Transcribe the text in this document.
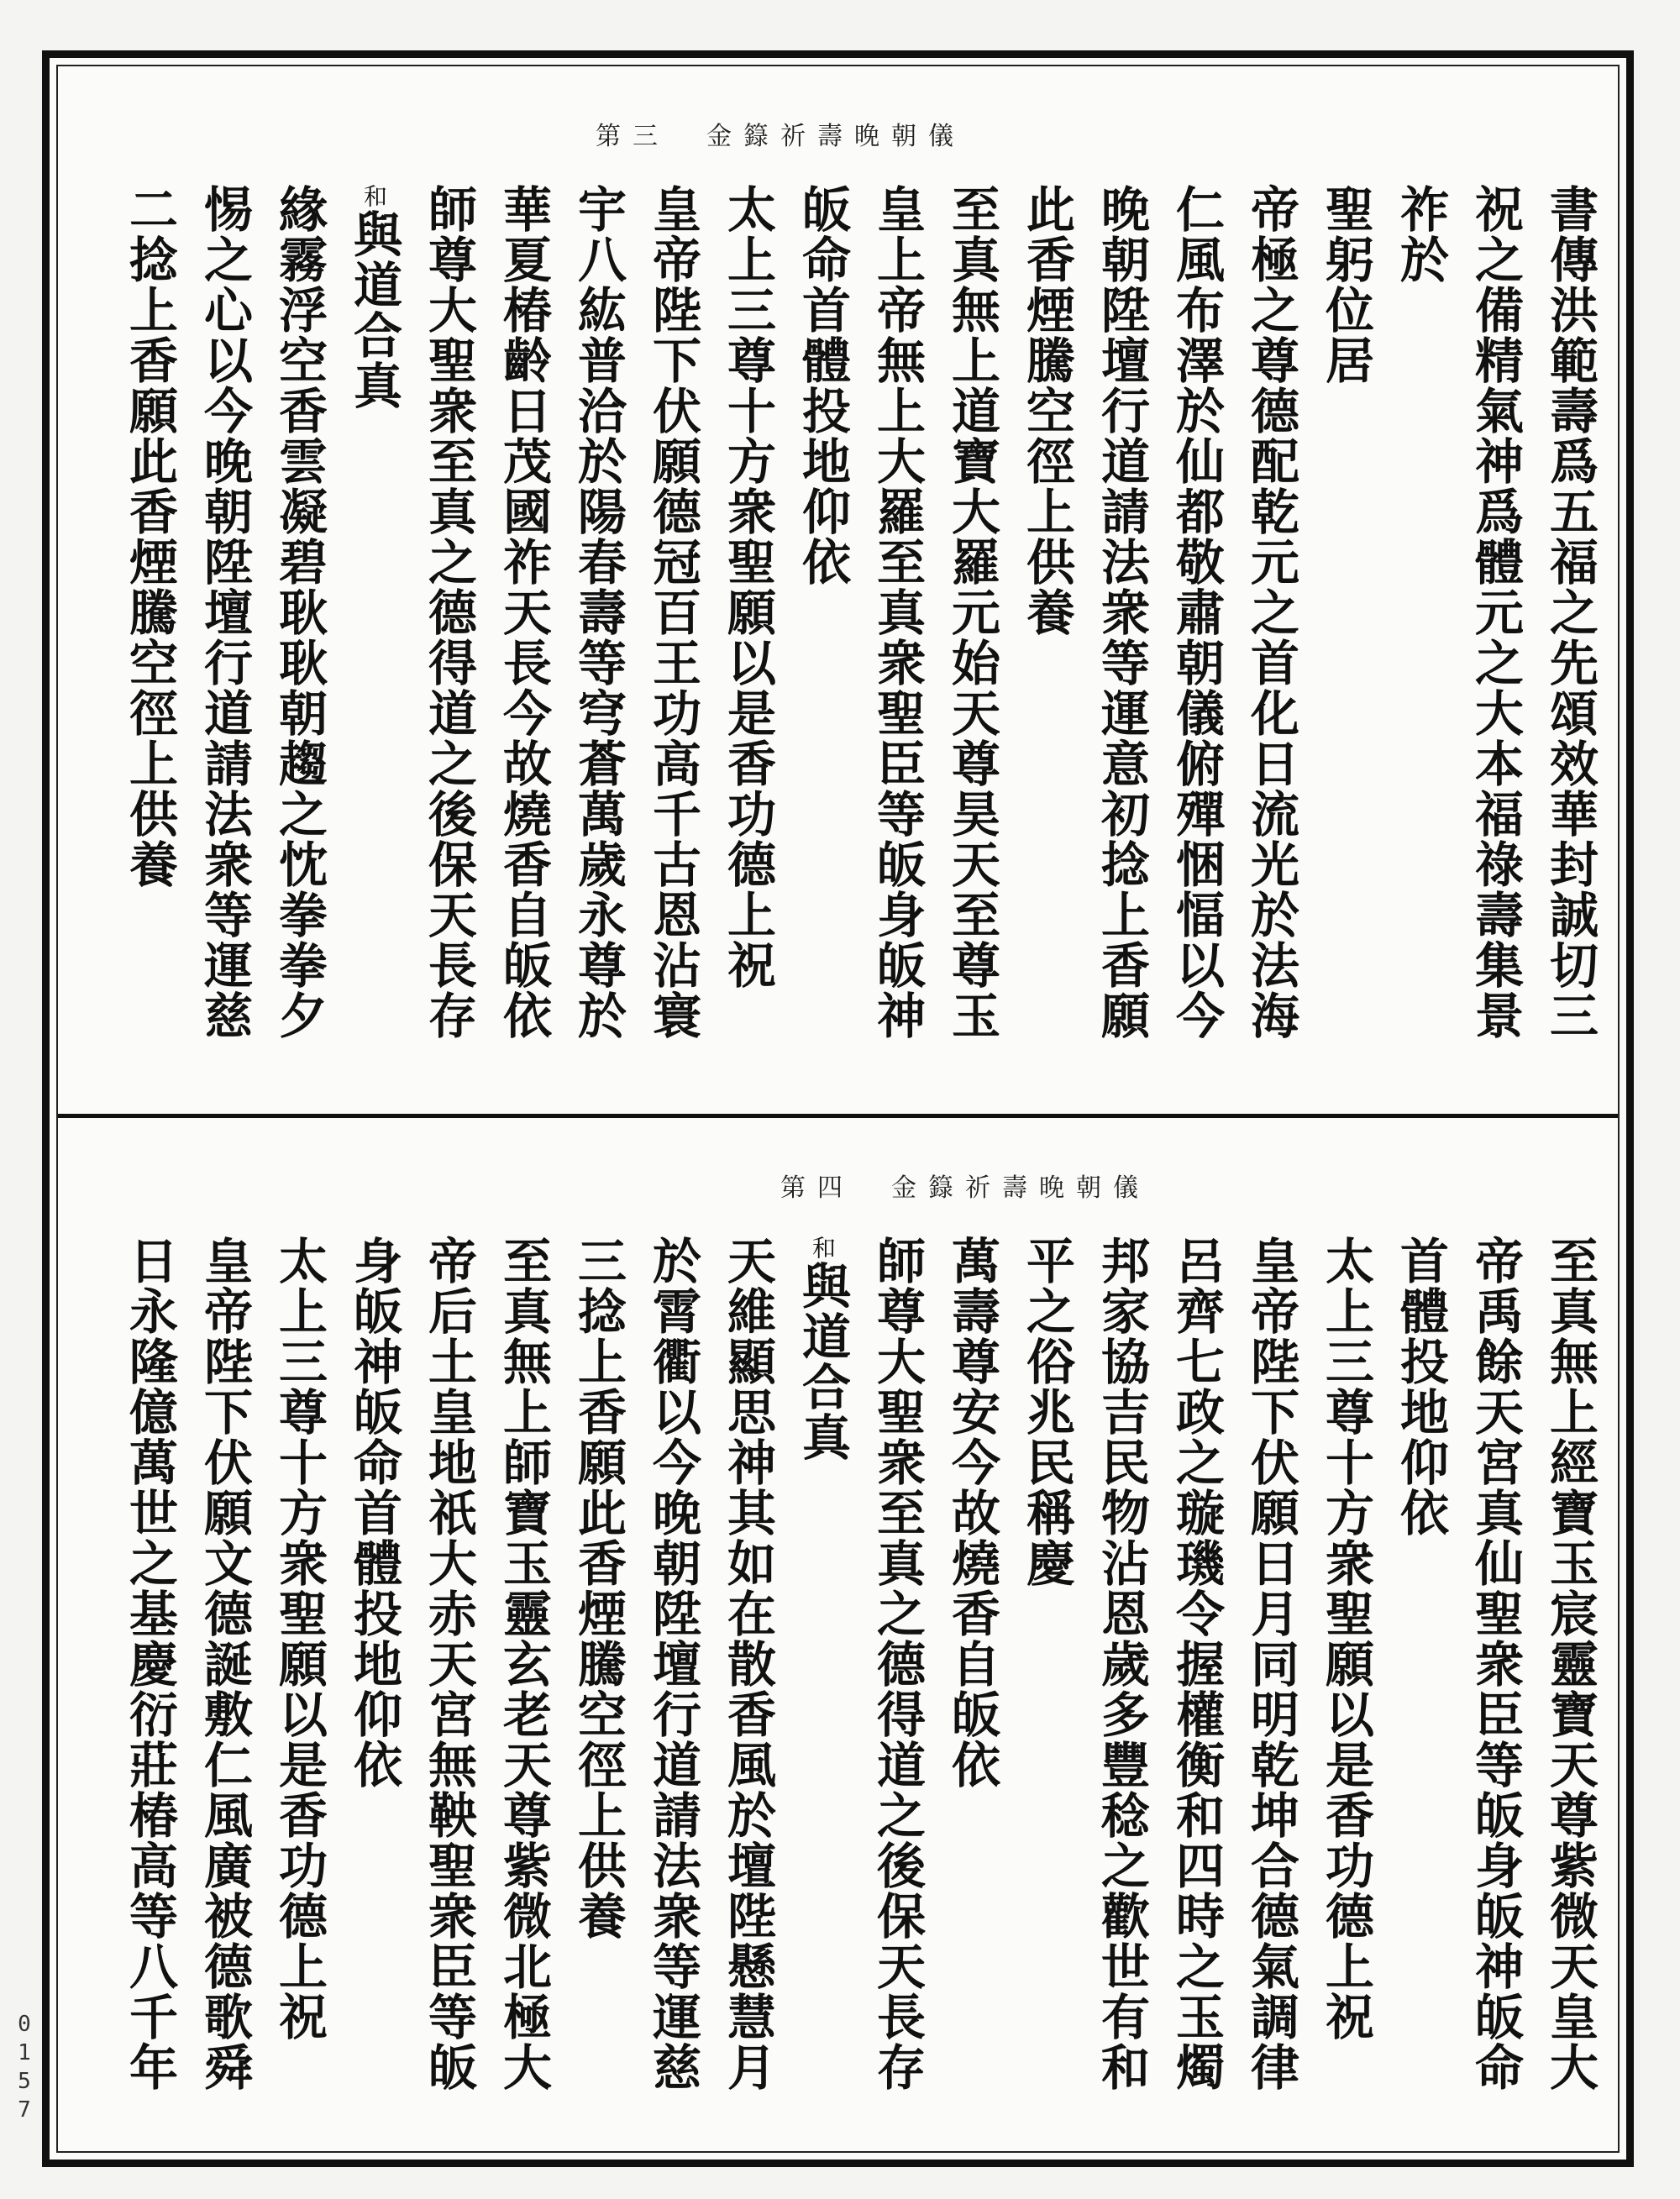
第三 金籙祈壽晚朝儀
書傳洪範壽爲五福之先頌效華封誠切三
祝之備精氣神爲體元之大本福祿壽集景
祚於
聖躬位居
帝極之尊德配乾元之首化日流光於法海
仁風布澤於仙都敬肅朝儀俯殫悃愊以今
晚朝陞壇行道請法衆等運意初捻上香願
此香煙騰空徑上供養
至真無上道寶大羅元始天尊昊天至尊玉
皇上帝無上大羅至真衆聖臣等皈身皈神
皈命首體投地仰依
太上三尊十方衆聖願以是香功德上祝
皇帝陛下伏願德冠百王功高千古恩沾寰
宇八紘普洽於陽春壽等穹蒼萬歲永尊於
華夏椿齡日茂國祚天長今故燒香自皈依
師尊大聖衆至真之德得道之後保天長存
和與道合真
緣霧浮空香雲凝碧耿耿朝趨之忱拳拳夕
惕之心以今晚朝陞壇行道請法衆等運慈
二捻上香願此香煙騰空徑上供養
第四 金籙祈壽晚朝儀
至真無上經寶玉宸靈寶天尊紫微天皇大
帝禹餘天宮真仙聖衆臣等皈身皈神皈命
首體投地仰依
太上三尊十方衆聖願以是香功德上祝
皇帝陛下伏願日月同明乾坤合德氣調律
呂齊七政之璇璣令握權衡和四時之玉燭
邦家協吉民物沾恩歲多豐稔之歡世有和
平之俗兆民稱慶
萬壽尊安今故燒香自皈依
師尊大聖衆至真之德得道之後保天長存
和與道合真
天維顯思神其如在散香風於壇陛懸慧月
於霄衢以今晚朝陞壇行道請法衆等運慈
三捻上香願此香煙騰空徑上供養
至真無上師寶玉靈玄老天尊紫微北極大
帝后土皇地祇大赤天宮無鞅聖衆臣等皈
身皈神皈命首體投地仰依
太上三尊十方衆聖願以是香功德上祝
皇帝陛下伏願文德誕敷仁風廣被德歌舜
日永隆億萬世之基慶衍莊椿高等八千年
0157
